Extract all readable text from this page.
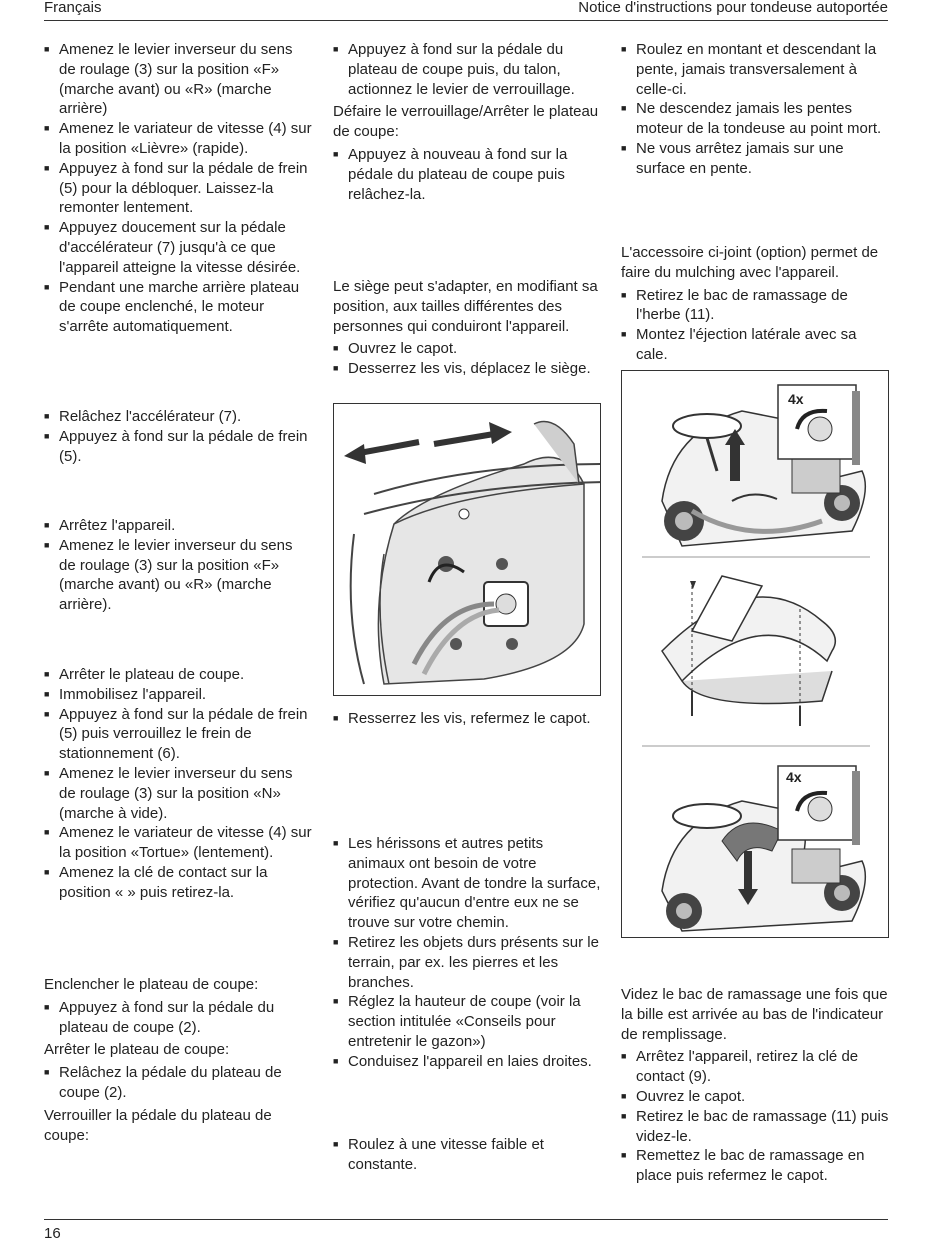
Français	Notice d'instructions pour tondeuse autoportée
■ Amenez le levier inverseur du sens de roulage (3) sur la position «F» (marche avant) ou «R» (marche arrière)
■ Amenez le variateur de vitesse (4) sur la position «Lièvre» (rapide).
■ Appuyez à fond sur la pédale de frein (5) pour la débloquer. Laissez-la remonter lentement.
■ Appuyez doucement sur la pédale d'accélérateur (7) jusqu'à ce que l'appareil atteigne la vitesse désirée.
■ Pendant une marche arrière plateau de coupe enclenché, le moteur s'arrête automatiquement.
■ Relâchez l'accélérateur (7).
■ Appuyez à fond sur la pédale de frein (5).
■ Arrêtez l'appareil.
■ Amenez le levier inverseur du sens de roulage (3) sur la position «F» (marche avant) ou «R» (marche arrière).
■ Arrêter le plateau de coupe.
■ Immobilisez l'appareil.
■ Appuyez à fond sur la pédale de frein (5) puis verrouillez le frein de stationnement (6).
■ Amenez le levier inverseur du sens de roulage (3) sur la position «N» (marche à vide).
■ Amenez le variateur de vitesse (4) sur la position «Tortue» (lentement).
■ Amenez la clé de contact sur la position « » puis retirez-la.
Enclencher le plateau de coupe:
■ Appuyez à fond sur la pédale du plateau de coupe (2).
Arrêter le plateau de coupe:
■ Relâchez la pédale du plateau de coupe (2).
Verrouiller la pédale du plateau de coupe:
■ Appuyez à fond sur la pédale du plateau de coupe puis, du talon, actionnez le levier de verrouillage.
Défaire le verrouillage/Arrêter le plateau de coupe:
■ Appuyez à nouveau à fond sur la pédale du plateau de coupe puis relâchez-la.
Le siège peut s'adapter, en modifiant sa position, aux tailles différentes des personnes qui conduiront l'appareil.
■ Ouvrez le capot.
■ Desserrez les vis, déplacez le siège.
■ Resserrez les vis, refermez le capot.
■ Les hérissons et autres petits animaux ont besoin de votre protection. Avant de tondre la surface, vérifiez qu'aucun d'entre eux ne se trouve sur votre chemin.
■ Retirez les objets durs présents sur le terrain, par ex. les pierres et les branches.
■ Réglez la hauteur de coupe (voir la section intitulée «Conseils pour entretenir le gazon»)
■ Conduisez l'appareil en laies droites.
■ Roulez à une vitesse faible et constante.
■ Roulez en montant et descendant la pente, jamais transversalement à celle-ci.
■ Ne descendez jamais les pentes moteur de la tondeuse au point mort.
■ Ne vous arrêtez jamais sur une surface en pente.
L'accessoire ci-joint (option) permet de faire du mulching avec l'appareil.
■ Retirez le bac de ramassage de l'herbe (11).
■ Montez l'éjection latérale avec sa cale.
4x
4x
Videz le bac de ramassage une fois que la bille est arrivée au bas de l'indicateur de remplissage.
■ Arrêtez l'appareil, retirez la clé de contact (9).
■ Ouvrez le capot.
■ Retirez le bac de ramassage (11) puis videz-le.
■ Remettez le bac de ramassage en place puis refermez le capot.
16
